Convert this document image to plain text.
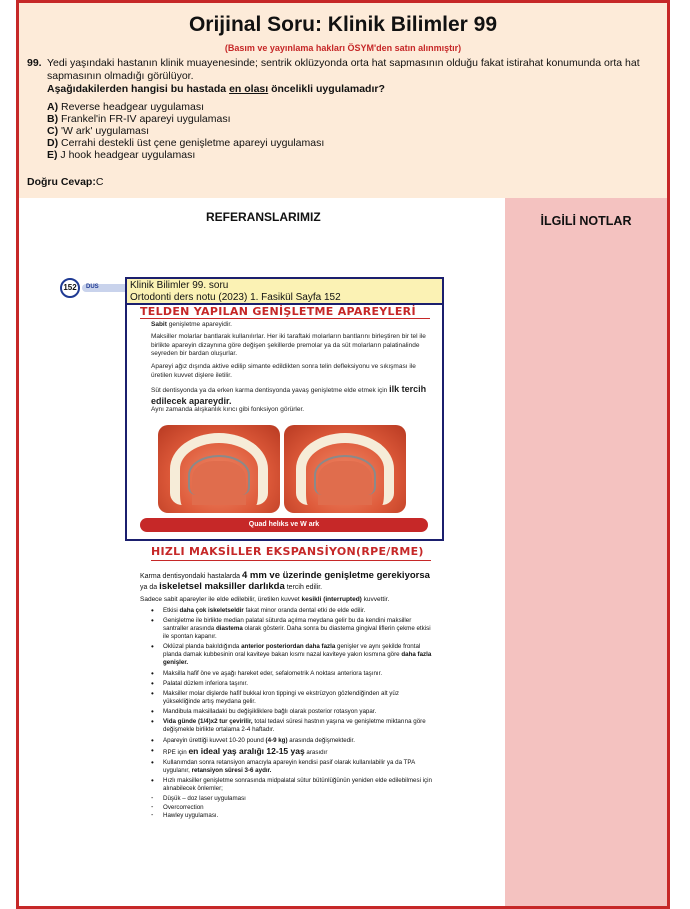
Orijinal Soru: Klinik Bilimler 99
(Basım ve yayınlama hakları ÖSYM'den satın alınmıştır)
99. Yedi yaşındaki hastanın klinik muayenesinde; sentrik oklüzyonda orta hat sapmasının olduğu fakat istirahat konumunda orta hat sapmasının olmadığı görülüyor.
Aşağıdakilerden hangisi bu hastada en olası öncelikli uygulamadır?
A) Reverse headgear uygulaması
B) Frankel'in FR-IV apareyi uygulaması
C) 'W ark' uygulaması
D) Cerrahi destekli üst çene genişletme apareyi uygulaması
E) J hook headgear uygulaması
Doğru Cevap:C
REFERANSLARIMIZ	İLGİLİ NOTLAR
152	DUS
TELDEN YAPILAN GENİŞLETME APAREYLERİ
Sabit genişletme apareyidir.
Maksiller molarlar bantlarak kullanılırlar. Her iki taraftaki molarların bantlarını birleştiren bir tel ile birlikte apareyin dizaynına göre değişen şekillerde premolar ya da süt molarların palatinalinde seyreden bir bardan oluşurlar.
Apareyi ağız dışında aktive edilip simante edildikten sonra telin defleksiyonu ve sıkışması ile üretilen kuvvet dişlere iletilir.
Süt dentisyonda ya da erken karma dentisyonda yavaş genişletme elde etmek için ilk tercih edilecek apareydir.
Aynı zamanda alışkanlık kırıcı gibi fonksiyon görürler.
Quad helıks ve W ark
Klinik Bilimler 99. soru
Ortodonti ders notu (2023) 1. Fasikül Sayfa 152
HIZLI MAKSİLLER EKSPANSİYON(RPE/RME)
Karma dentisyondaki hastalarda 4 mm ve üzerinde genişletme gerekiyorsa ya da iskeletsel maksiller darlıkda tercih edilir.
Sadece sabit apareyler ile elde edilebilir, üretilen kuvvet kesikli (interrupted) kuvvettir.
• Etkisi daha çok iskeletseldir fakat minor oranda dental etki de elde edilir.
• Genişletme ile birlikte median palatal süturda açılma meydana gelir bu da kendini maksiller santraller arasında diastema olarak gösterir. Daha sonra bu diastema gingival liflerin çekme etkisi ile spontan kapanır.
• Oklüzal planda bakıldığında anterior posteriordan daha fazla genişler ve aynı şekilde frontal planda damak kubbesinin oral kaviteye bakan kısmı nazal kaviteye yakın kısmına göre daha fazla genişler.
• Maksilla hafif öne ve aşağı hareket eder, sefalometrik A noktası anteriora taşınır.
• Palatal düzlem inferiora taşınır.
• Maksiller molar dişlerde hafif bukkal kron tippingi ve ekstrüzyon gözlendiğinden alt yüz yüksekliğinde artış meydana gelir.
• Mandibula maksilladaki bu değişikliklere bağlı olarak posterior rotasyon yapar.
• Vida günde (1/4)x2 tur çevirilir, total tedavi süresi hastnın yaşına ve genişletme miktarına göre değişmekle birlikte ortalama 2-4 haftadır.
• Apareyin ürettiği kuvvet 10-20 pound (4-9 kg) arasında değişmektedir.
• RPE için en ideal yaş aralığı 12-15 yaş arasıdır
• Kullanımdan sonra retansiyon amacıyla apareyin kendisi pasif olarak kullanılabilir ya da TPA uygulanır, retansiyon süresi 3-6 aydır.
• Hızlı maksiller genişletme sonrasında midpalatal sütur bütünlüğünün yeniden elde edilebilmesi için alınabilecek önlemler;
- Düşük – doz laser uygulaması
- Overcorrection
- Hawley uygulaması.
